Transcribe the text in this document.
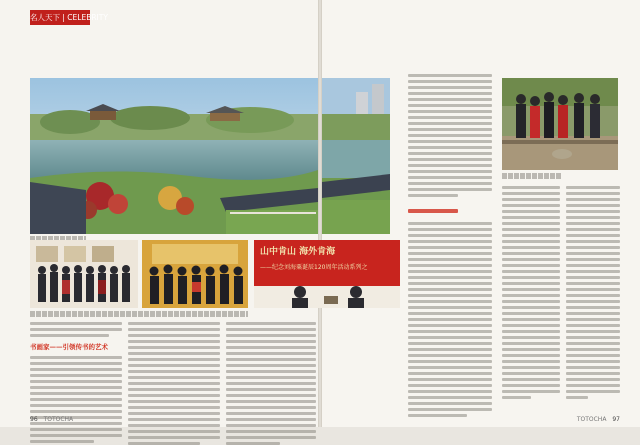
名人天下 | CELEBRITY
书画家——引领传书的艺术
96 TOTOCHA
山中肯山 海外肯海
——纪念刘海粟诞辰120周年活动系列之
TOTOCHA 97
